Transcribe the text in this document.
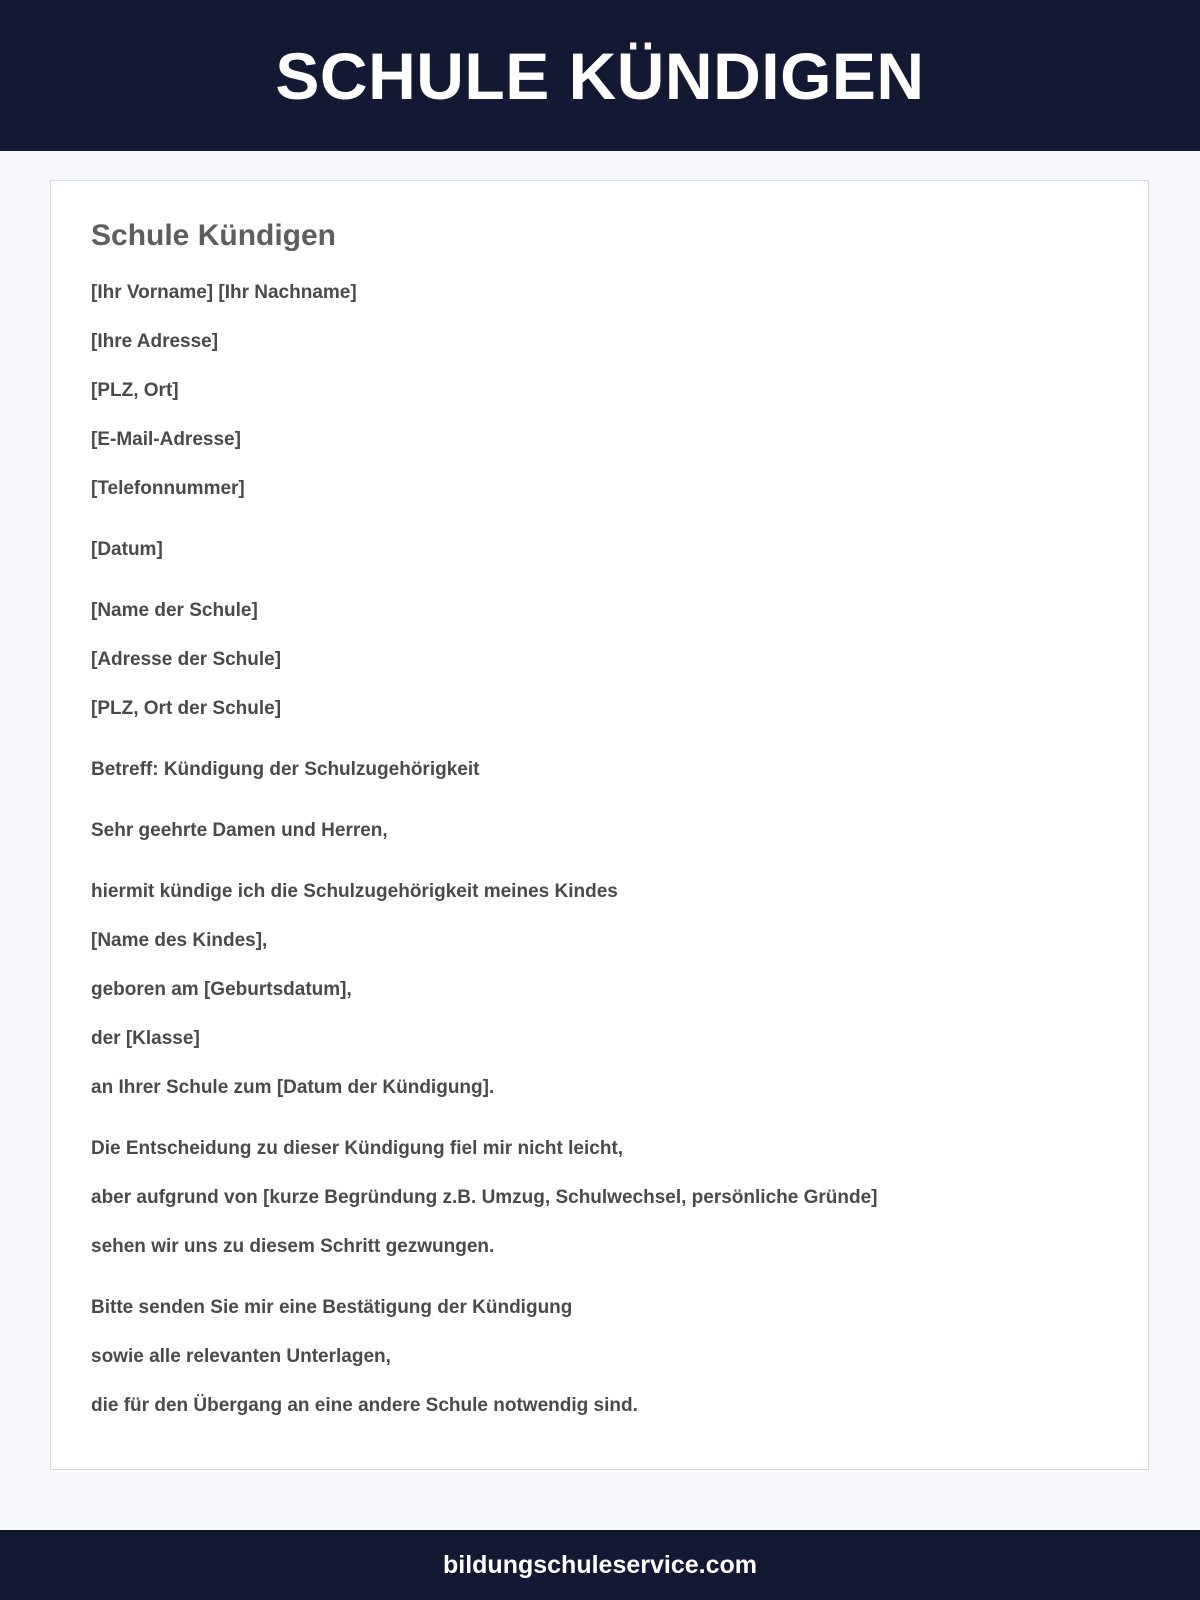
SCHULE KÜNDIGEN
Schule Kündigen

[Ihr Vorname] [Ihr Nachname]

[Ihre Adresse]

[PLZ, Ort]

[E-Mail-Adresse]

[Telefonnummer]

[Datum]

[Name der Schule]

[Adresse der Schule]

[PLZ, Ort der Schule]

Betreff: Kündigung der Schulzugehörigkeit

Sehr geehrte Damen und Herren,

hiermit kündige ich die Schulzugehörigkeit meines Kindes

[Name des Kindes],

geboren am [Geburtsdatum],

der [Klasse]

an Ihrer Schule zum [Datum der Kündigung].

Die Entscheidung zu dieser Kündigung fiel mir nicht leicht,

aber aufgrund von [kurze Begründung z.B. Umzug, Schulwechsel, persönliche Gründe]

sehen wir uns zu diesem Schritt gezwungen.

Bitte senden Sie mir eine Bestätigung der Kündigung

sowie alle relevanten Unterlagen,

die für den Übergang an eine andere Schule notwendig sind.

bildungschuleservice.com
